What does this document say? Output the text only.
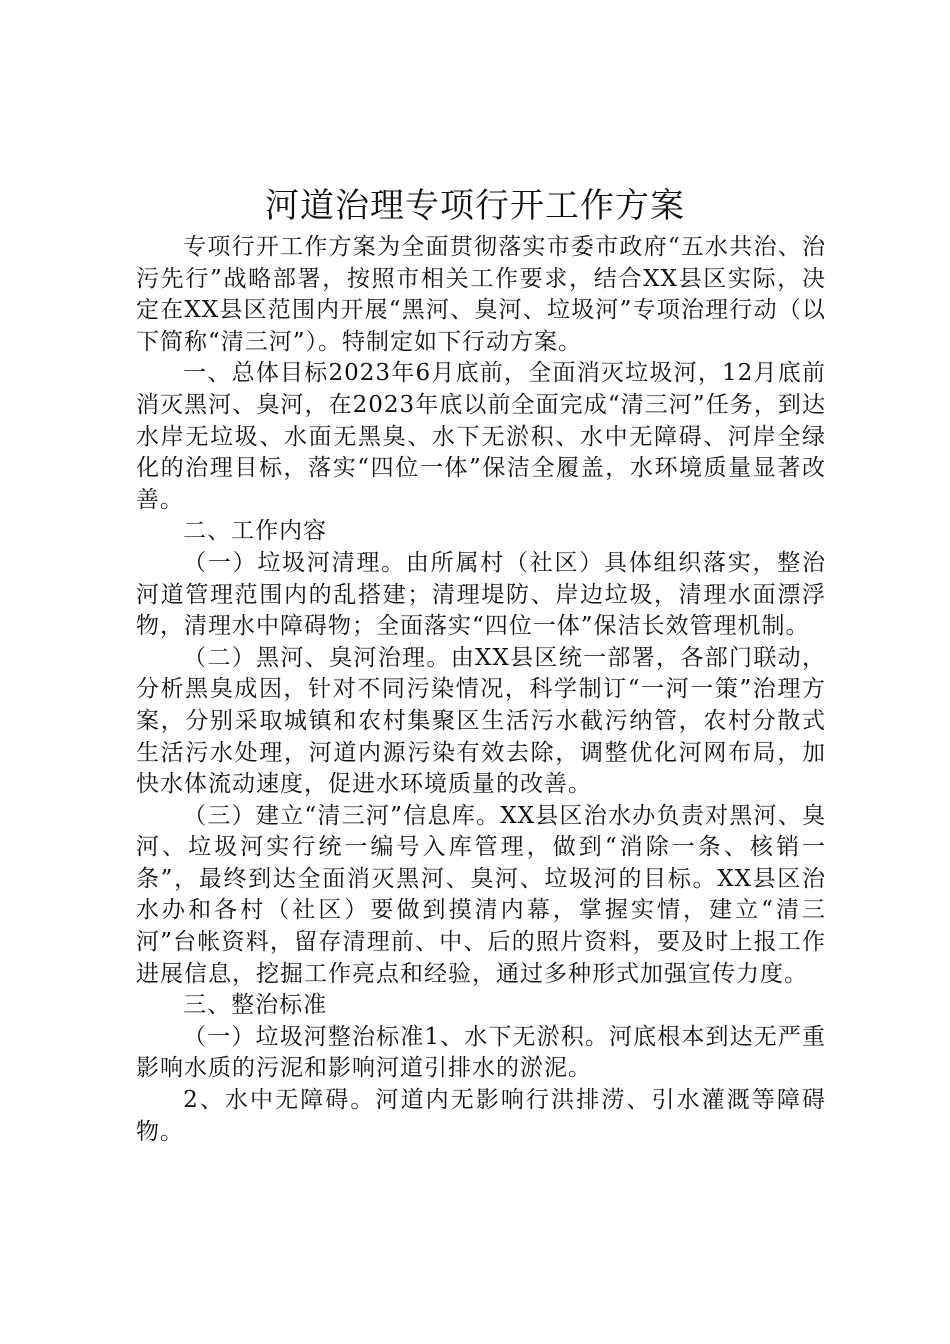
河道治理专项行开工作方案

专项行开工作方案为全面贯彻落实市委市政府“五水共治、治污先行”战略部署，按照市相关工作要求，结合XX县区实际，决定在XX县区范围内开展“黑河、臭河、垃圾河”专项治理行动（以下简称“清三河”）。特制定如下行动方案。

一、总体目标2023年6月底前，全面消灭垃圾河，12月底前消灭黑河、臭河，在2023年底以前全面完成“清三河”任务，到达水岸无垃圾、水面无黑臭、水下无淤积、水中无障碍、河岸全绿化的治理目标，落实“四位一体”保洁全履盖，水环境质量显著改善。

二、工作内容

（一）垃圾河清理。由所属村（社区）具体组织落实，整治河道管理范围内的乱搭建；清理堤防、岸边垃圾，清理水面漂浮物，清理水中障碍物；全面落实“四位一体”保洁长效管理机制。

（二）黑河、臭河治理。由XX县区统一部署，各部门联动，分析黑臭成因，针对不同污染情况，科学制订“一河一策”治理方案，分别采取城镇和农村集聚区生活污水截污纳管，农村分散式生活污水处理，河道内源污染有效去除，调整优化河网布局，加快水体流动速度，促进水环境质量的改善。

（三）建立“清三河”信息库。XX县区治水办负责对黑河、臭河、垃圾河实行统一编号入库管理，做到“消除一条、核销一条”，最终到达全面消灭黑河、臭河、垃圾河的目标。XX县区治水办和各村（社区）要做到摸清内幕，掌握实情，建立“清三河”台帐资料，留存清理前、中、后的照片资料，要及时上报工作进展信息，挖掘工作亮点和经验，通过多种形式加强宣传力度。

三、整治标准

（一）垃圾河整治标准1、水下无淤积。河底根本到达无严重影响水质的污泥和影响河道引排水的淤泥。

2、水中无障碍。河道内无影响行洪排涝、引水灌溉等障碍物。
